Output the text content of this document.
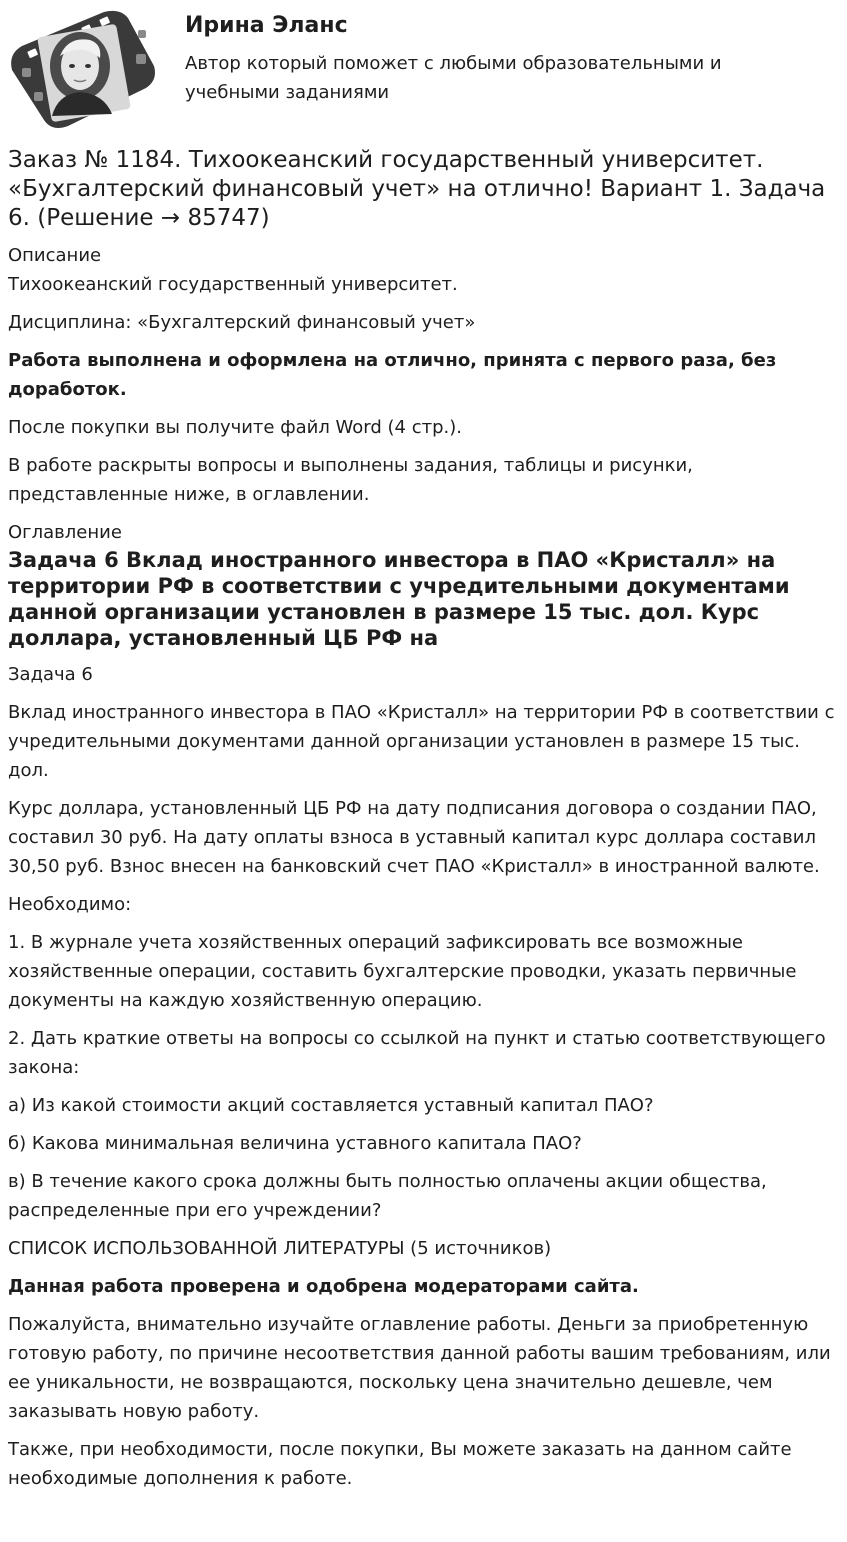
Ирина Эланс

Автор который поможет с любыми образовательными и учебными заданиями

Заказ № 1184. Тихоокеанский государственный университет. «Бухгалтерский финансовый учет» на отлично! Вариант 1. Задача 6. (Решение → 85747)

Описание

Тихоокеанский государственный университет.

Дисциплина: «Бухгалтерский финансовый учет»

Работа выполнена и оформлена на отлично, принята с первого раза, без доработок.

После покупки вы получите файл Word (4 стр.).

В работе раскрыты вопросы и выполнены задания, таблицы и рисунки, представленные ниже, в оглавлении.

Оглавление

Задача 6 Вклад иностранного инвестора в ПАО «Кристалл» на территории РФ в соответствии с учредительными документами данной организации установлен в размере 15 тыс. дол. Курс доллара, установленный ЦБ РФ на

Задача 6

Вклад иностранного инвестора в ПАО «Кристалл» на территории РФ в соответствии с учредительными документами данной организации установлен в размере 15 тыс. дол.

Курс доллара, установленный ЦБ РФ на дату подписания договора о создании ПАО, составил 30 руб. На дату оплаты взноса в уставный капитал курс доллара составил 30,50 руб. Взнос внесен на банковский счет ПАО «Кристалл» в иностранной валюте.

Необходимо:

1. В журнале учета хозяйственных операций зафиксировать все возможные хозяйственные операции, составить бухгалтерские проводки, указать первичные документы на каждую хозяйственную операцию.

2. Дать краткие ответы на вопросы со ссылкой на пункт и статью соответствующего закона:

а) Из какой стоимости акций составляется уставный капитал ПАО?

б) Какова минимальная величина уставного капитала ПАО?

в) В течение какого срока должны быть полностью оплачены акции общества, распределенные при его учреждении?

СПИСОК ИСПОЛЬЗОВАННОЙ ЛИТЕРАТУРЫ (5 источников)

Данная работа проверена и одобрена модераторами сайта.

Пожалуйста, внимательно изучайте оглавление работы. Деньги за приобретенную готовую работу, по причине несоответствия данной работы вашим требованиям, или ее уникальности, не возвращаются, поскольку цена значительно дешевле, чем заказывать новую работу.

Также, при необходимости, после покупки, Вы можете заказать на данном сайте необходимые дополнения к работе.
